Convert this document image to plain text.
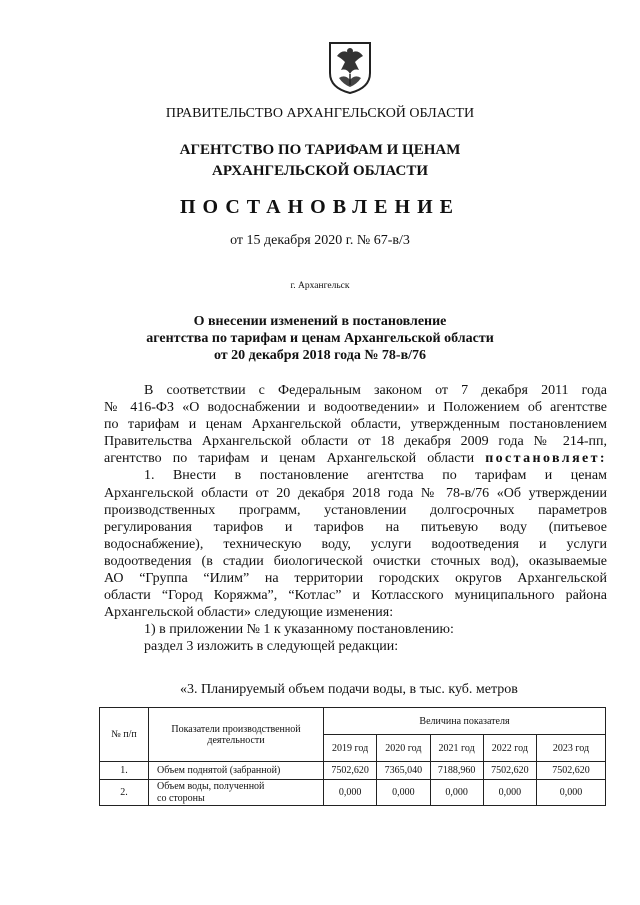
ПРАВИТЕЛЬСТВО АРХАНГЕЛЬСКОЙ ОБЛАСТИ
АГЕНТСТВО ПО ТАРИФАМ И ЦЕНАМ
АРХАНГЕЛЬСКОЙ ОБЛАСТИ
ПОСТАНОВЛЕНИЕ
от 15 декабря 2020 г. № 67-в/3
г. Архангельск
О внесении изменений в постановление
агентства по тарифам и ценам Архангельской области
от 20 декабря 2018 года № 78-в/76

В соответствии с Федеральным законом от 7 декабря 2011 года

№ 416-ФЗ «О водоснабжении и водоотведении» и Положением об агентстве

по тарифам и ценам Архангельской области, утвержденным постановлением

Правительства Архангельской области от 18 декабря 2009 года № 214-пп,

агентство по тарифам и ценам Архангельской области постановляет:

1. Внести в постановление агентства по тарифам и ценам

Архангельской области от 20 декабря 2018 года № 78-в/76 «Об утверждении

производственных программ, установлении долгосрочных параметров

регулирования тарифов и тарифов на питьевую воду (питьевое

водоснабжение), техническую воду, услуги водоотведения и услуги

водоотведения (в стадии биологической очистки сточных вод), оказываемые

АО “Группа “Илим” на территории городских округов Архангельской

области “Город Коряжма”, “Котлас” и Котласского муниципального района

Архангельской области» следующие изменения:

1) в приложении № 1 к указанному постановлению:
раздел 3 изложить в следующей редакции:
«3. Планируемый объем подачи воды, в тыс. куб. метров
№ п/п	Показатели производственной деятельности	Величина показателя				
		2019 год	2020 год	2021 год	2022 год	2023 год
1.	Объем поднятой (забранной)	7502,620	7365,040	7188,960	7502,620	7502,620
2.	Объем воды, полученной
со стороны	0,000	0,000	0,000	0,000	0,000
